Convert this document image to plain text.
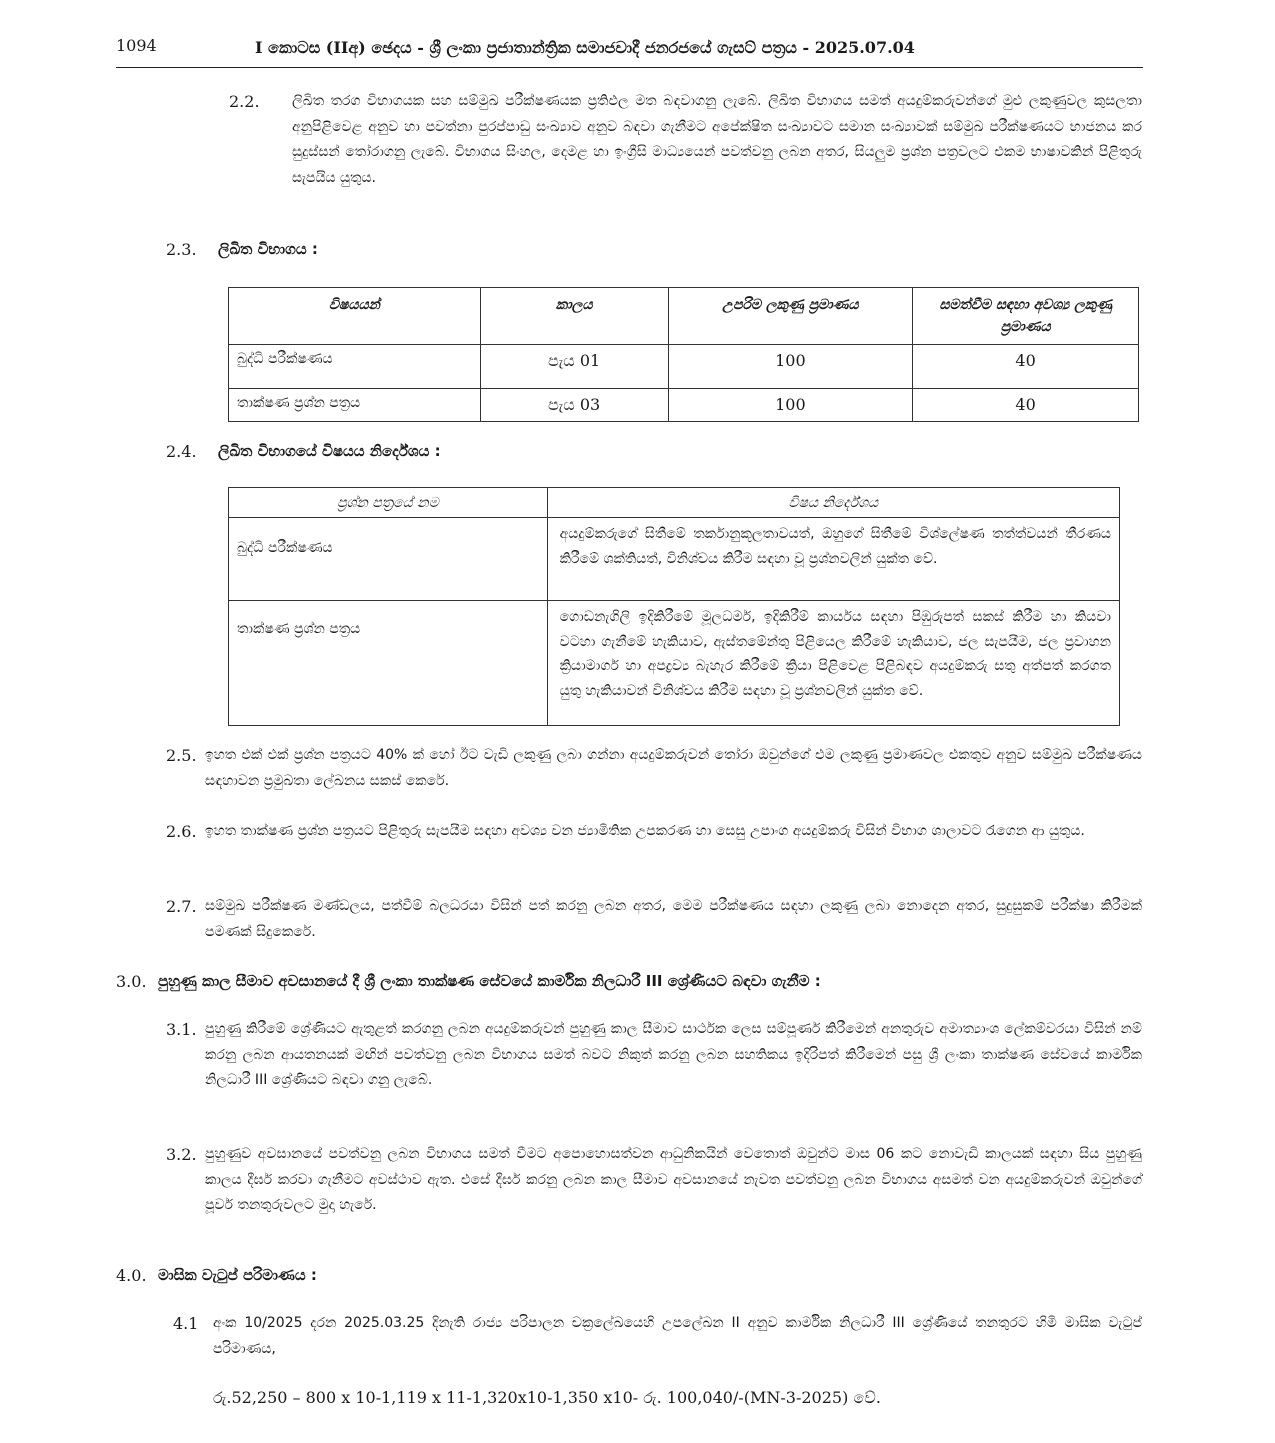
1094	I කොටස (IIඅ) ඡෙදය - ශ්‍රී ලංකා ප්‍රජාතාන්ත්‍රික සමාජවාදී ජනරජයේ ගැසට් පත්‍රය - 2025.07.04
2.2. ලිඛිත තරග විභාගයක සහ සම්මුඛ පරීක්ෂණයක ප්‍රතිඵල මත බඳවාගනු ලැබේ. ලිඛිත විභාගය සමත් අයදුම්කරුවන්ගේ මුළු ලකුණුවල කුසලතා අනුපිළිවෙළ අනුව හා පවත්නා පුරප්පාඩු සංඛ්‍යාව අනුව බඳවා ගැනීමට අපේක්ෂිත සංඛ්‍යාවට සමාන සංඛ්‍යාවක් සම්මුඛ පරීක්ෂණයට භාජනය කර සුදුස්සන් තෝරාගනු ලැබේ. විභාගය සිංහල, දෙමළ හා ඉංග්‍රීසි මාධ්‍යයෙන් පවත්වනු ලබන අතර, සියලුම ප්‍රශ්න පත්‍රවලට එකම භාෂාවකින් පිළිතුරු සැපයිය යුතුය.
2.3. ලිඛිත විභාගය :
විෂයයන්	කාලය	උපරිම ලකුණු ප්‍රමාණය	සමත්වීම සඳහා අවශ්‍ය ලකුණු ප්‍රමාණය
බුද්ධි පරීක්ෂණය	පැය 01	100	40
තාක්ෂණ ප්‍රශ්න පත්‍රය	පැය 03	100	40
2.4. ලිඛිත විභාගයේ විෂයය නිර්දේශය :
ප්‍රශ්න පත්‍රයේ නම	විෂය නිර්දේශය
බුද්ධි පරීක්ෂණය	අයදුම්කරුගේ සිතීමේ තර්කානුකූලතාවයත්, ඔහුගේ සිතීමේ විශ්ලේෂණ තත්ත්වයන් තීරණය කිරීමේ ශක්තියත්, විනිශ්චය කිරීම සඳහා වූ ප්‍රශ්නවලින් යුක්ත වේ.
තාක්ෂණ ප්‍රශ්න පත්‍රය	ගොඩනැගිලි ඉදිකිරීමේ මූලධර්ම, ඉදිකිරීම් කාර්යය සඳහා පිඹුරුපත් සකස් කිරීම හා කියවා වටහා ගැනීමේ හැකියාව, ඇස්තමේන්තු පිළියෙල කිරීමේ හැකියාව, ජල සැපයීම, ජල ප්‍රවාහන ක්‍රියාමාර්ග හා අපද්‍රව්‍ය බැහැර කිරීමේ ක්‍රියා පිළිවෙළ පිළිබඳව අයදුම්කරු සතු අත්පත් කරගත යුතු හැකියාවන් විනිශ්චය කිරීම සඳහා වූ ප්‍රශ්නවලින් යුක්ත වේ.
2.5. ඉහත එක් එක් ප්‍රශ්න පත්‍රයට 40% ක් හෝ ඊට වැඩි ලකුණු ලබා ගන්නා අයදුම්කරුවන් තෝරා ඔවුන්ගේ එම ලකුණු ප්‍රමාණවල එකතුව අනුව සම්මුඛ පරීක්ෂණය සඳහාවන ප්‍රමුඛතා ලේඛනය සකස් කෙරේ.
2.6. ඉහත තාක්ෂණ ප්‍රශ්න පත්‍රයට පිළිතුරු සැපයීම සඳහා අවශ්‍ය වන ජ්‍යාමිතික උපකරණ හා සෙසු උපාංග අයදුම්කරු විසින් විභාග ශාලාවට රැගෙන ආ යුතුය.
2.7. සම්මුඛ පරීක්ෂණ මණ්ඩලය, පත්වීම් බලධරයා විසින් පත් කරනු ලබන අතර, මෙම පරීක්ෂණය සඳහා ලකුණු ලබා නොදෙන අතර, සුදුසුකම් පරීක්ෂා කිරීමක් පමණක් සිදුකෙරේ.
3.0. පුහුණු කාල සීමාව අවසානයේ දී ශ්‍රී ලංකා තාක්ෂණ සේවයේ කාර්මික නිලධාරී III ශ්‍රේණියට බඳවා ගැනීම :
3.1. පුහුණු කිරීමේ ශ්‍රේණියට ඇතුළත් කරගනු ලබන අයදුම්කරුවන් පුහුණු කාල සීමාව සාර්ථක ලෙස සම්පූර්ණ කිරීමෙන් අනතුරුව අමාත්‍යාංශ ලේකම්වරයා විසින් නම් කරනු ලබන ආයතනයක් මඟින් පවත්වනු ලබන විභාගය සමත් බවට නිකුත් කරනු ලබන සහතිකය ඉදිරිපත් කිරීමෙන් පසු ශ්‍රී ලංකා තාක්ෂණ සේවයේ කාර්මික නිලධාරී III ශ්‍රේණියට බඳවා ගනු ලැබේ.
3.2. පුහුණුව අවසානයේ පවත්වනු ලබන විභාගය සමත් වීමට අපොහොසත්වන ආධුනිකයින් වෙතොත් ඔවුන්ට මාස 06 කට නොවැඩි කාලයක් සඳහා සිය පුහුණු කාලය දීර්ඝ කරවා ගැනීමට අවස්ථාව ඇත. එසේ දීර්ඝ කරනු ලබන කාල සීමාව අවසානයේ නැවත පවත්වනු ලබන විභාගය අසමත් වන අයදුම්කරුවන් ඔවුන්ගේ පූර්ව තනතුරුවලට මුදා හැරේ.
4.0. මාසික වැටුප් පරිමාණය :
4.1 අංක 10/2025 දරන 2025.03.25 දිනැති රාජ්‍ය පරිපාලන චක්‍රලේඛයෙහි උපලේඛන II අනුව කාර්මික නිලධාරී III ශ්‍රේණියේ තනතුරට හිමි මාසික වැටුප් පරිමාණය,
රු.52,250 – 800 x 10-1,119 x 11-1,320x10-1,350 x10- රු. 100,040/-(MN-3-2025) වේ.
